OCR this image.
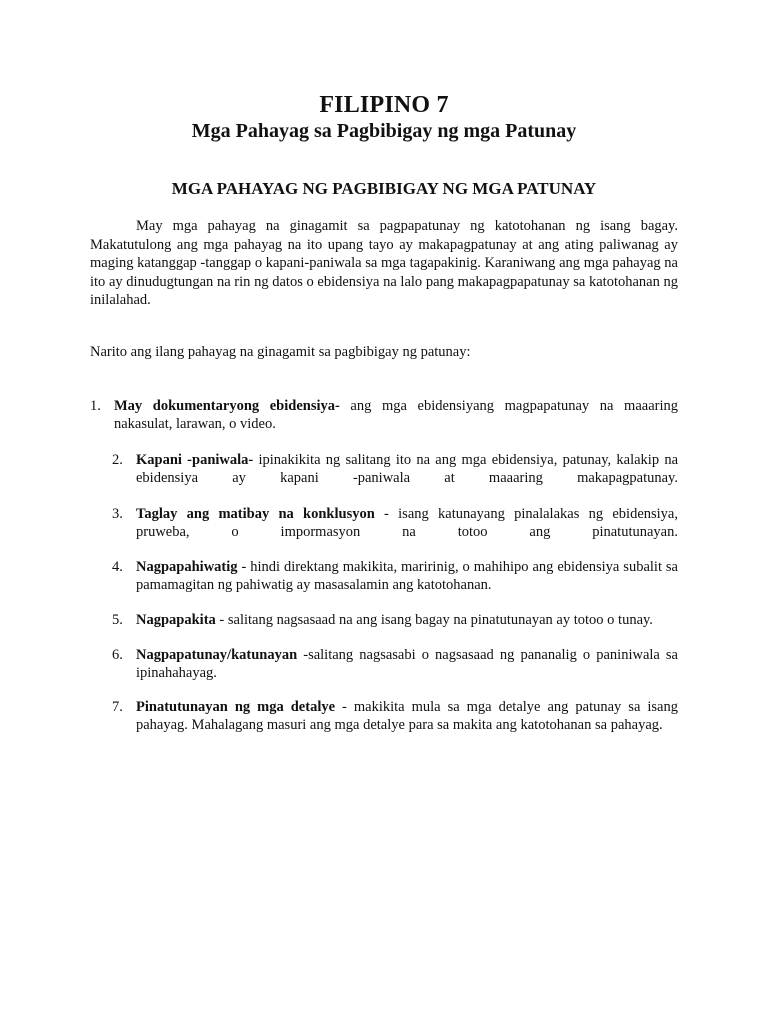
FILIPINO 7
Mga Pahayag sa Pagbibigay ng mga Patunay
MGA PAHAYAG NG PAGBIBIGAY NG MGA PATUNAY

May mga pahayag na ginagamit sa pagpapatunay ng katotohanan ng isang bagay. Makatutulong ang mga pahayag na ito upang tayo ay makapagpatunay at ang ating paliwanag ay maging katanggap -tanggap o kapani-paniwala sa mga tagapakinig. Karaniwang ang mga pahayag na ito ay dinudugtungan na rin ng datos o ebidensiya na lalo pang makapagpapatunay sa katotohanan ng inilalahad.

Narito ang ilang pahayag na ginagamit sa pagbibigay ng patunay:

1. May dokumentaryong ebidensiya- ang mga ebidensiyang magpapatunay na maaaring nakasulat, larawan, o video.
2. Kapani -paniwala- ipinakikita ng salitang ito na ang mga ebidensiya, patunay, kalakip na ebidensiya ay kapani -paniwala at maaaring makapagpatunay.
3. Taglay ang matibay na konklusyon - isang katunayang pinalalakas ng ebidensiya, pruweba, o impormasyon na totoo ang pinatutunayan.
4. Nagpapahiwatig - hindi direktang makikita, maririnig, o mahihipo ang ebidensiya subalit sa pamamagitan ng pahiwatig ay masasalamin ang katotohanan.
5. Nagpapakita - salitang nagsasaad na ang isang bagay na pinatutunayan ay totoo o tunay.
6. Nagpapatunay/katunayan -salitang nagsasabi o nagsasaad ng pananalig o paniniwala sa ipinahahayag.
7. Pinatutunayan ng mga detalye - makikita mula sa mga detalye ang patunay sa isang pahayag. Mahalagang masuri ang mga detalye para sa makita ang katotohanan sa pahayag.
